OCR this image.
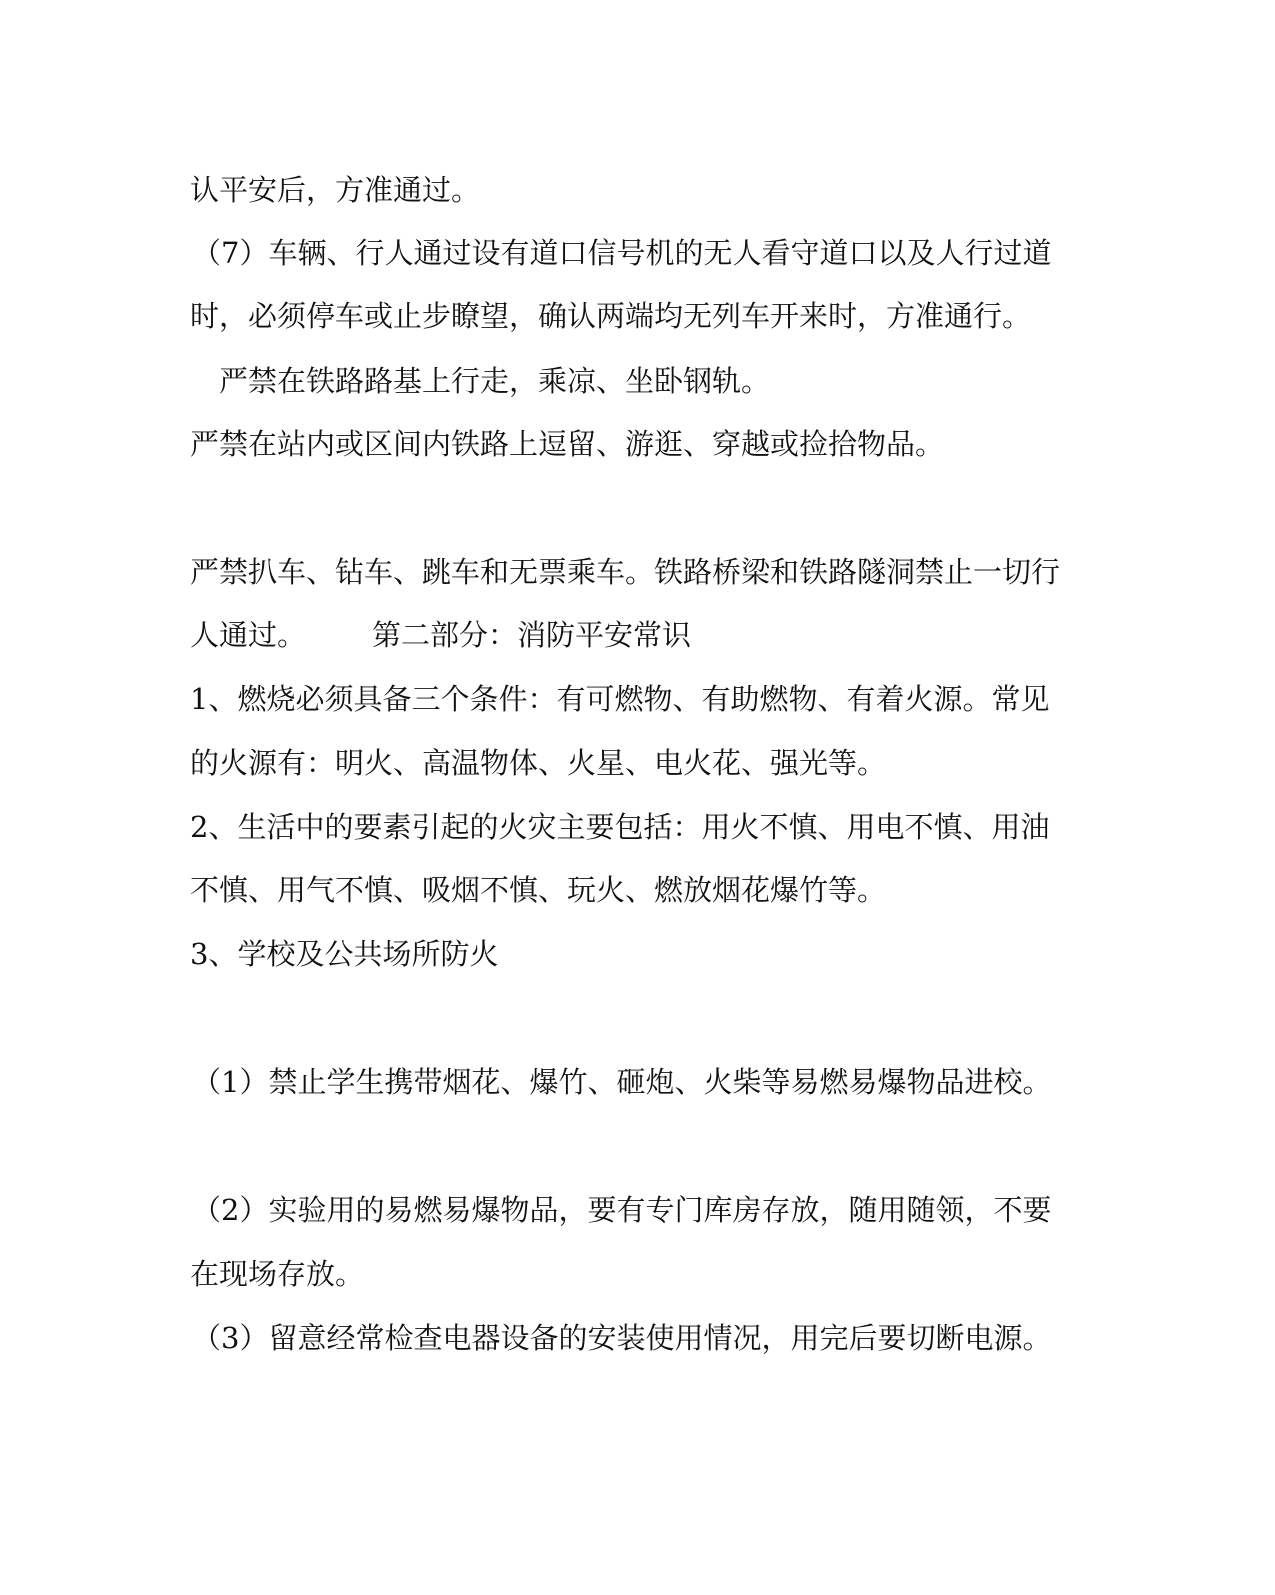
认平安后，方准通过。
（7）车辆、行人通过设有道口信号机的无人看守道口以及人行过道
时，必须停车或止步瞭望，确认两端均无列车开来时，方准通行。
严禁在铁路路基上行走，乘凉、坐卧钢轨。
严禁在站内或区间内铁路上逗留、游逛、穿越或捡拾物品。
严禁扒车、钻车、跳车和无票乘车。铁路桥梁和铁路隧洞禁止一切行
人通过。 第二部分：消防平安常识
1、燃烧必须具备三个条件：有可燃物、有助燃物、有着火源。常见
的火源有：明火、高温物体、火星、电火花、强光等。
2、生活中的要素引起的火灾主要包括：用火不慎、用电不慎、用油
不慎、用气不慎、吸烟不慎、玩火、燃放烟花爆竹等。
3、学校及公共场所防火
（1）禁止学生携带烟花、爆竹、砸炮、火柴等易燃易爆物品进校。
（2）实验用的易燃易爆物品，要有专门库房存放，随用随领，不要
在现场存放。
（3）留意经常检查电器设备的安装使用情况，用完后要切断电源。
